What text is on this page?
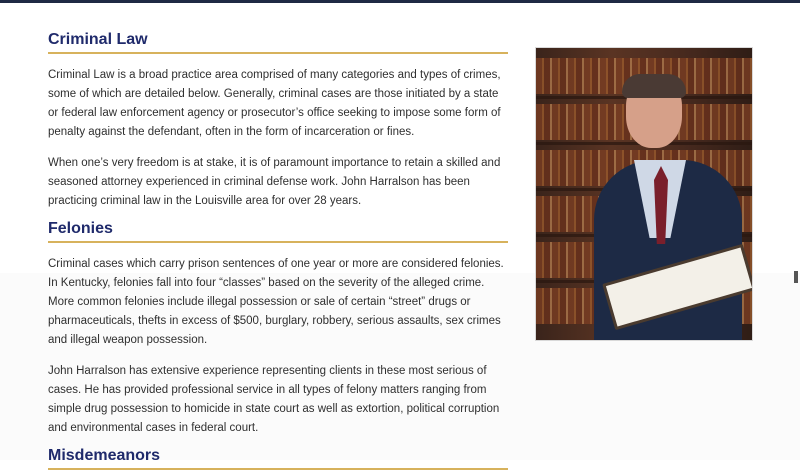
Criminal Law

Criminal Law is a broad practice area comprised of many categories and types of crimes, some of which are detailed below. Generally, criminal cases are those initiated by a state or federal law enforcement agency or prosecutor’s office seeking to impose some form of penalty against the defendant, often in the form of incarceration or fines.

When one’s very freedom is at stake, it is of paramount importance to retain a skilled and seasoned attorney experienced in criminal defense work. John Harralson has been practicing criminal law in the Louisville area for over 28 years.

Felonies

Criminal cases which carry prison sentences of one year or more are considered felonies. In Kentucky, felonies fall into four “classes” based on the severity of the alleged crime. More common felonies include illegal possession or sale of certain “street” drugs or pharmaceuticals, thefts in excess of $500, burglary, robbery, serious assaults, sex crimes and illegal weapon possession.

John Harralson has extensive experience representing clients in these most serious of cases. He has provided professional service in all types of felony matters ranging from simple drug possession to homicide in state court as well as extortion, political corruption and environmental cases in federal court.

Misdemeanors
